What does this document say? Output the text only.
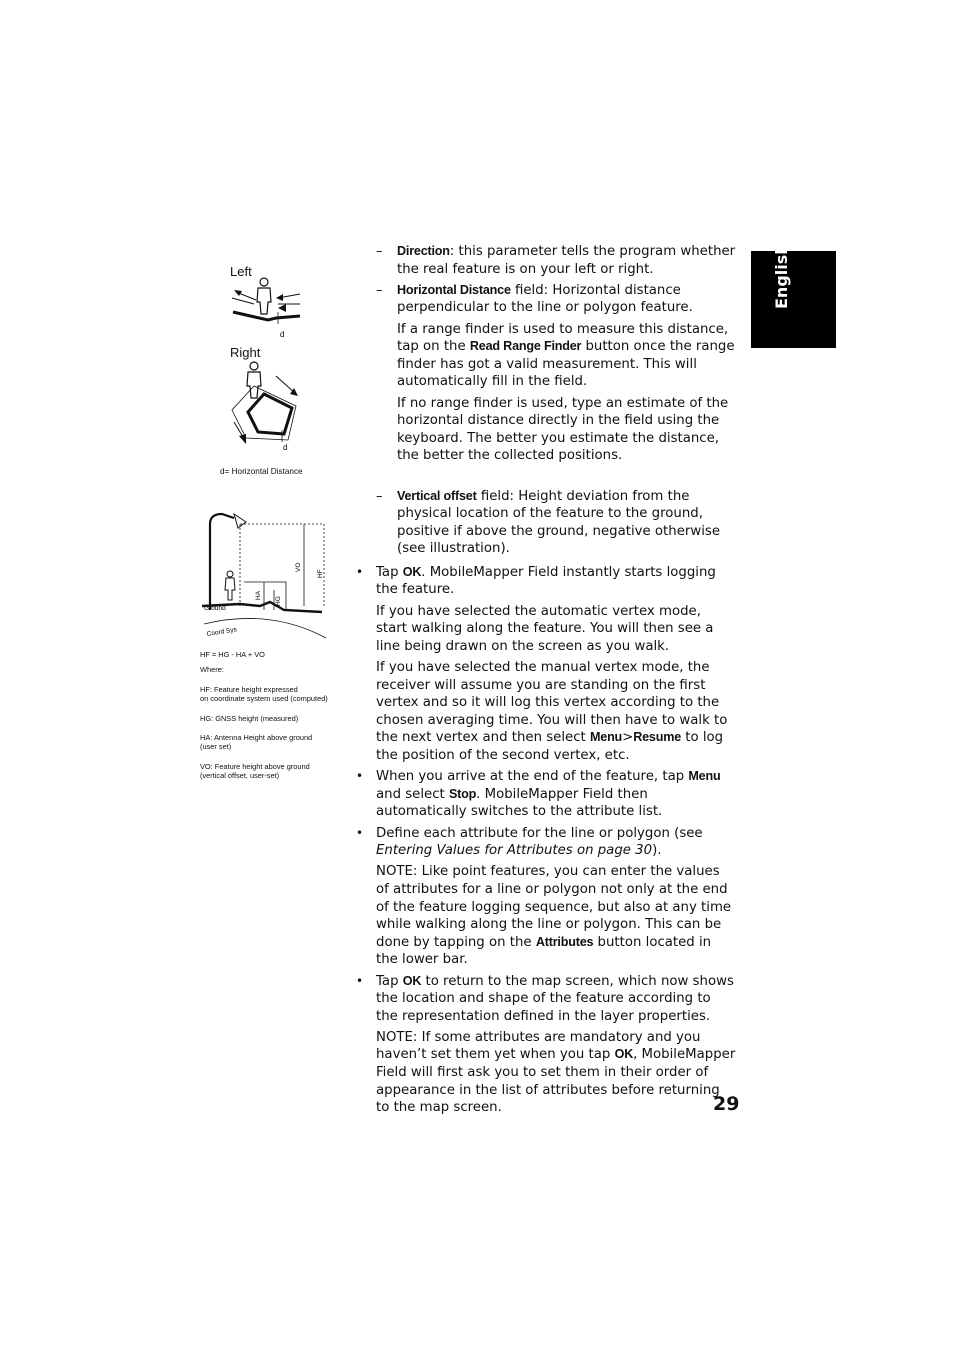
English
Left
d
Right
d
d= Horizontal Distance
VO
HF
HA
HG
Ground
Coord Sys
HF = HG - HA + VO
Where:
HF: Feature height expressed
on coordinate system used (computed)
HG: GNSS height (measured)
HA: Antenna Height above ground
(user set)
VO: Feature height above ground
(vertical offset, user-set)

– Direction: this parameter tells the program whether the real feature is on your left or right.

– Horizontal Distance field: Horizontal distance perpendicular to the line or polygon feature.

If a range finder is used to measure this distance, tap on the Read Range Finder button once the range finder has got a valid measurement. This will automatically fill in the field.

If no range finder is used, type an estimate of the horizontal distance directly in the field using the keyboard. The better you estimate the distance, the better the collected positions.

– Vertical offset field: Height deviation from the physical location of the feature to the ground, positive if above the ground, negative otherwise (see illustration).

• Tap OK. MobileMapper Field instantly starts logging the feature.

If you have selected the automatic vertex mode, start walking along the feature. You will then see a line being drawn on the screen as you walk.

If you have selected the manual vertex mode, the receiver will assume you are standing on the first vertex and so it will log this vertex according to the chosen averaging time. You will then have to walk to the next vertex and then select Menu>Resume to log the position of the second vertex, etc.

• When you arrive at the end of the feature, tap Menu and select Stop. MobileMapper Field then automatically switches to the attribute list.

• Define each attribute for the line or polygon (see Entering Values for Attributes on page 30).

NOTE: Like point features, you can enter the values of attributes for a line or polygon not only at the end of the feature logging sequence, but also at any time while walking along the line or polygon. This can be done by tapping on the Attributes button located in the lower bar.

• Tap OK to return to the map screen, which now shows the location and shape of the feature according to the representation defined in the layer properties.

NOTE: If some attributes are mandatory and you haven’t set them yet when you tap OK, MobileMapper Field will first ask you to set them in their order of appearance in the list of attributes before returning to the map screen.	29
